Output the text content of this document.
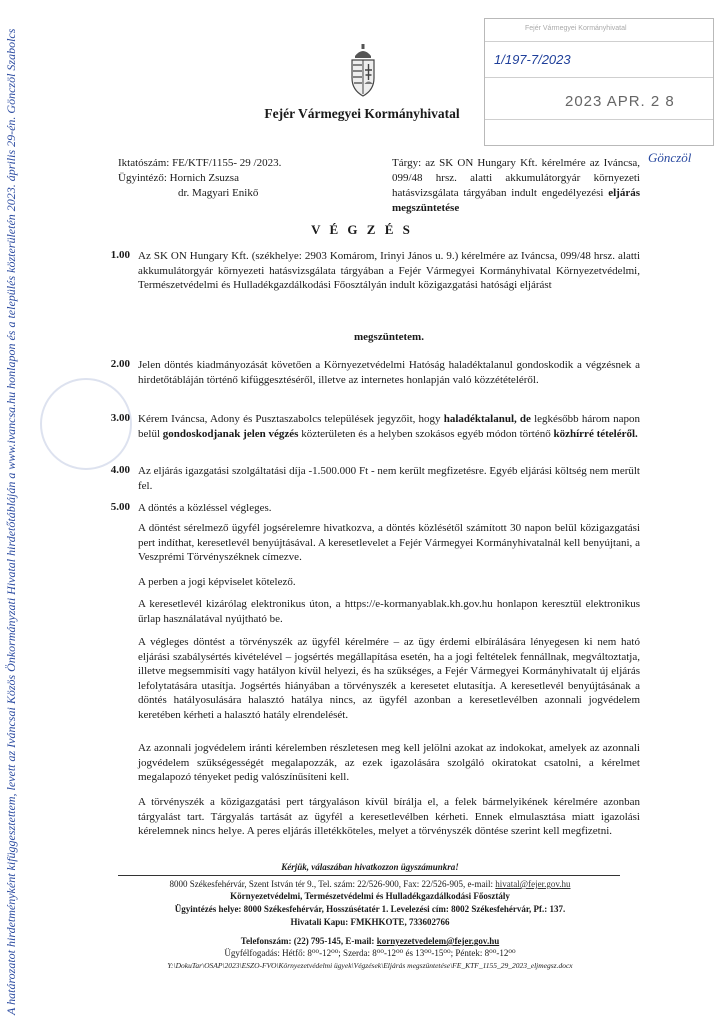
Fejér Vármegyei Kormányhivatal
Fejér Vármegyei Kormányhivatal
1/197-7/2023
2023 APR. 2 8
Gönczöl
Iktatószám: FE/KTF/1155- 29 /2023.
Ügyintéző: Hornich Zsuzsa
dr. Magyari Enikő
Tárgy: az SK ON Hungary Kft. kérelmére az Iváncsa, 099/48 hrsz. alatti akkumulátorgyár környezeti hatásvizsgálata tárgyában indult engedélyezési eljárás megszüntetése
V É G Z É S
1.00 Az SK ON Hungary Kft. (székhelye: 2903 Komárom, Irinyi János u. 9.) kérelmére az Iváncsa, 099/48 hrsz. alatti akkumulátorgyár környezeti hatásvizsgálata tárgyában a Fejér Vármegyei Kormányhivatal Környezetvédelmi, Természetvédelmi és Hulladékgazdálkodási Főosztályán indult közigazgatási hatósági eljárást
megszüntetem.
2.00 Jelen döntés kiadmányozását követően a Környezetvédelmi Hatóság haladéktalanul gondoskodik a végzésnek a hirdetőtábláján történő kifüggesztéséről, illetve az internetes honlapján való közzétételéről.
3.00 Kérem Iváncsa, Adony és Pusztaszabolcs települések jegyzőit, hogy haladéktalanul, de legkésőbb három napon belül gondoskodjanak jelen végzés közterületen és a helyben szokásos egyéb módon történő közhírré tételéről.
4.00 Az eljárás igazgatási szolgáltatási díja -1.500.000 Ft - nem került megfizetésre. Egyéb eljárási költség nem merült fel.
5.00 A döntés a közléssel végleges.
A döntést sérelmező ügyfél jogsérelemre hivatkozva, a döntés közlésétől számított 30 napon belül közigazgatási pert indíthat, keresetlevél benyújtásával. A keresetlevelet a Fejér Vármegyei Kormányhivatalnál kell benyújtani, a Veszprémi Törvényszéknek címezve.
A perben a jogi képviselet kötelező.
A keresetlevél kizárólag elektronikus úton, a https://e-kormanyablak.kh.gov.hu honlapon keresztül elektronikus űrlap használatával nyújtható be.
A végleges döntést a törvényszék az ügyfél kérelmére – az ügy érdemi elbírálására lényegesen ki nem ható eljárási szabálysértés kivételével – jogsértés megállapítása esetén, ha a jogi feltételek fennállnak, megváltoztatja, illetve megsemmisíti vagy hatályon kívül helyezi, és ha szükséges, a Fejér Vármegyei Kormányhivatalt új eljárás lefolytatására utasítja. Jogsértés hiányában a törvényszék a keresetet elutasítja. A keresetlevél benyújtásának a döntés hatályosulására halasztó hatálya nincs, az ügyfél azonban a keresetlevélben azonnali jogvédelem keretében kérheti a halasztó hatály elrendelését.
Az azonnali jogvédelem iránti kérelemben részletesen meg kell jelölni azokat az indokokat, amelyek az azonnali jogvédelem szükségességét megalapozzák, az ezek igazolására szolgáló okiratokat csatolni, a kérelmet megalapozó tényeket pedig valószínűsíteni kell.
A törvényszék a közigazgatási pert tárgyaláson kívül bírálja el, a felek bármelyikének kérelmére azonban tárgyalást tart. Tárgyalás tartását az ügyfél a keresetlevélben kérheti. Ennek elmulasztása miatt igazolási kérelemnek nincs helye. A peres eljárás illetékköteles, melyet a törvényszék döntése szerint kell megfizetni.
Kérjük, válaszában hivatkozzon ügyszámunkra!
8000 Székesfehérvár, Szent István tér 9., Tel. szám: 22/526-900, Fax: 22/526-905, e-mail: hivatal@fejer.gov.hu
Környezetvédelmi, Természetvédelmi és Hulladékgazdálkodási Főosztály
Ügyintézés helye: 8000 Székesfehérvár, Hosszúsétatér 1. Levelezési cím: 8002 Székesfehérvár, Pf.: 137.
Hivatali Kapu: FMKHKOTE, 733602766
Telefonszám: (22) 795-145, E-mail: kornyezetvedelem@fejer.gov.hu
Ügyfélfogadás: Hétfő: 8⁰⁰-12⁰⁰; Szerda: 8⁰⁰-12⁰⁰ és 13⁰⁰-15⁰⁰; Péntek: 8⁰⁰-12⁰⁰
Y:\DokuTar\OSAP\2023\ESZO-FVO\Környezetvédelmi ügyek\Végzések\Eljárás megszüntetése\FE_KTF_1155_29_2023_eljmegsz.docx
A határozatot hirdetményként kifüggesztettem, levett az Iváncsai Közös Önkormányzati Hivatal hirdetőtábláján a www.ivancsa.hu honlapon és a település közterületén 2023. április 29-én. Gönczöl Szabolcs
